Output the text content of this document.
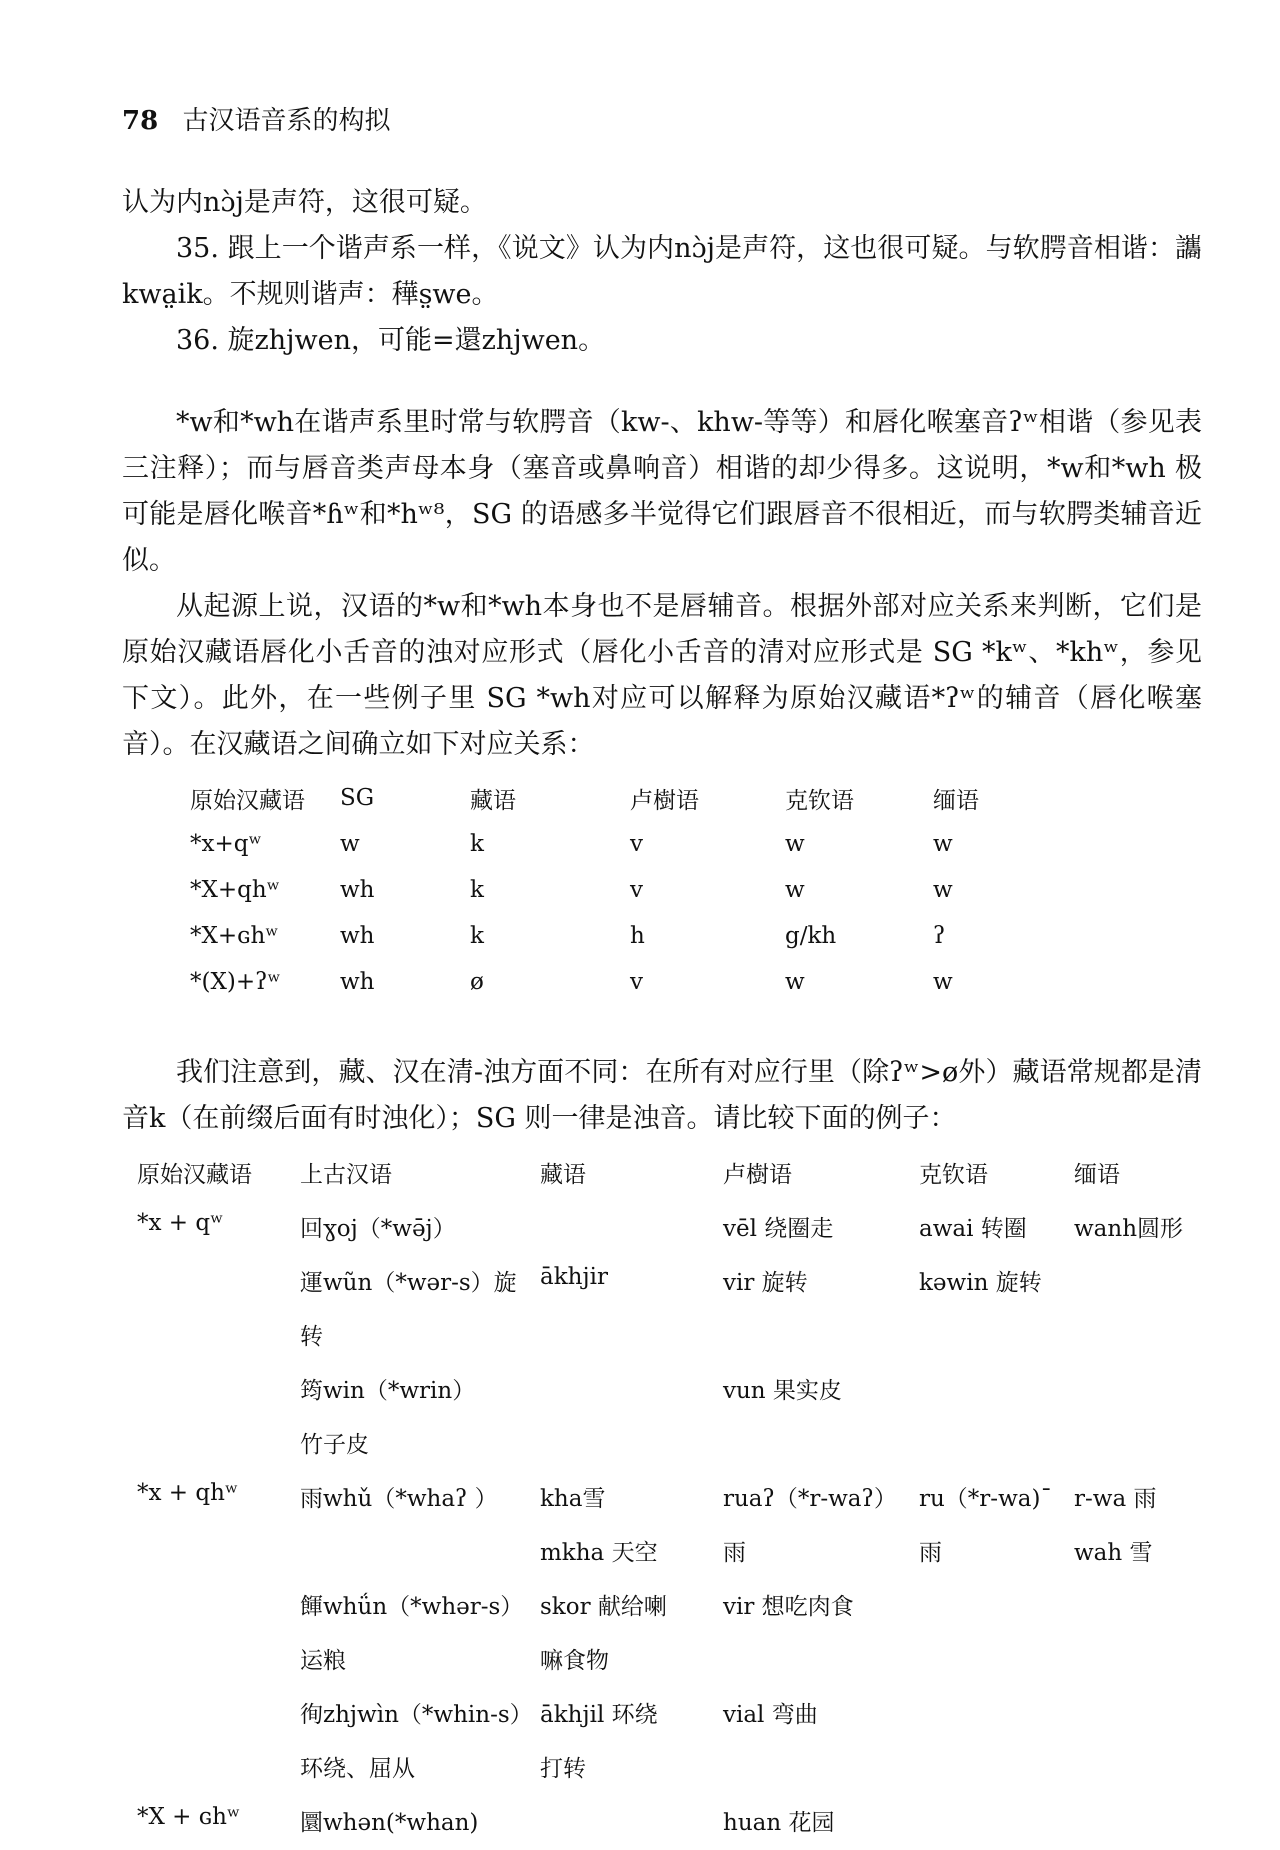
78 古汉语音系的构拟

认为内nɔ̀j是声符，这很可疑。

35. 跟上一个谐声系一样，《说文》认为内nɔ̀j是声符，这也很可疑。与软腭音相谐：讗kwa̤ik。不规则谐声：䅿s̤we。

36. 旋zhjwen，可能=還zhjwen。

*w和*wh在谐声系里时常与软腭音（kw-、khw-等等）和唇化喉塞音ʔʷ相谐（参见表三注释）；而与唇音类声母本身（塞音或鼻响音）相谐的却少得多。这说明，*w和*wh 极可能是唇化喉音*ɦʷ和*hʷ⁸，SG 的语感多半觉得它们跟唇音不很相近，而与软腭类辅音近似。

从起源上说，汉语的*w和*wh本身也不是唇辅音。根据外部对应关系来判断，它们是原始汉藏语唇化小舌音的浊对应形式（唇化小舌音的清对应形式是 SG *kʷ、*khʷ，参见下文）。此外，在一些例子里 SG *wh对应可以解释为原始汉藏语*ʔʷ的辅音（唇化喉塞音）。在汉藏语之间确立如下对应关系：

原始汉藏语	SG	藏语	卢樹语	克钦语	缅语
*x+qʷ	w	k	v	w	w
*X+qhʷ	wh	k	v	w	w
*X+ɢhʷ	wh	k	h	g/kh	ʔ
*(X)+ʔʷ	wh	ø	v	w	w

我们注意到，藏、汉在清-浊方面不同：在所有对应行里（除ʔʷ>ø外）藏语常规都是清音k（在前缀后面有时浊化）；SG 则一律是浊音。请比较下面的例子：

原始汉藏语	上古汉语	藏语	卢樹语	克钦语	缅语
*x + qʷ	回ɣoj（*wə̄j）		vēl 绕圈走	awai 转圈	wanh圆形
	運wũn（*wər-s）旋	ākhjir	vir 旋转	kəwin 旋转	
	转				
	筠win（*wrin）		vun 果实皮		
	竹子皮				
*x + qhʷ	雨whǔ（*whaʔ ）	kha雪	ruaʔ（*r-waʔ）	ru（*r-wa)ˉ	r-wa 雨
		mkha 天空	雨	雨	wah 雪
	餫whǘn（*whər-s）	skor 献给喇	vir 想吃肉食		
	运粮	嘛食物			
	徇zhjwìn（*whin-s）	ākhjil 环绕	vial 弯曲		
	环绕、屈从	打转			
*X + ɢhʷ	圜whən(*whan)		huan 花园		
